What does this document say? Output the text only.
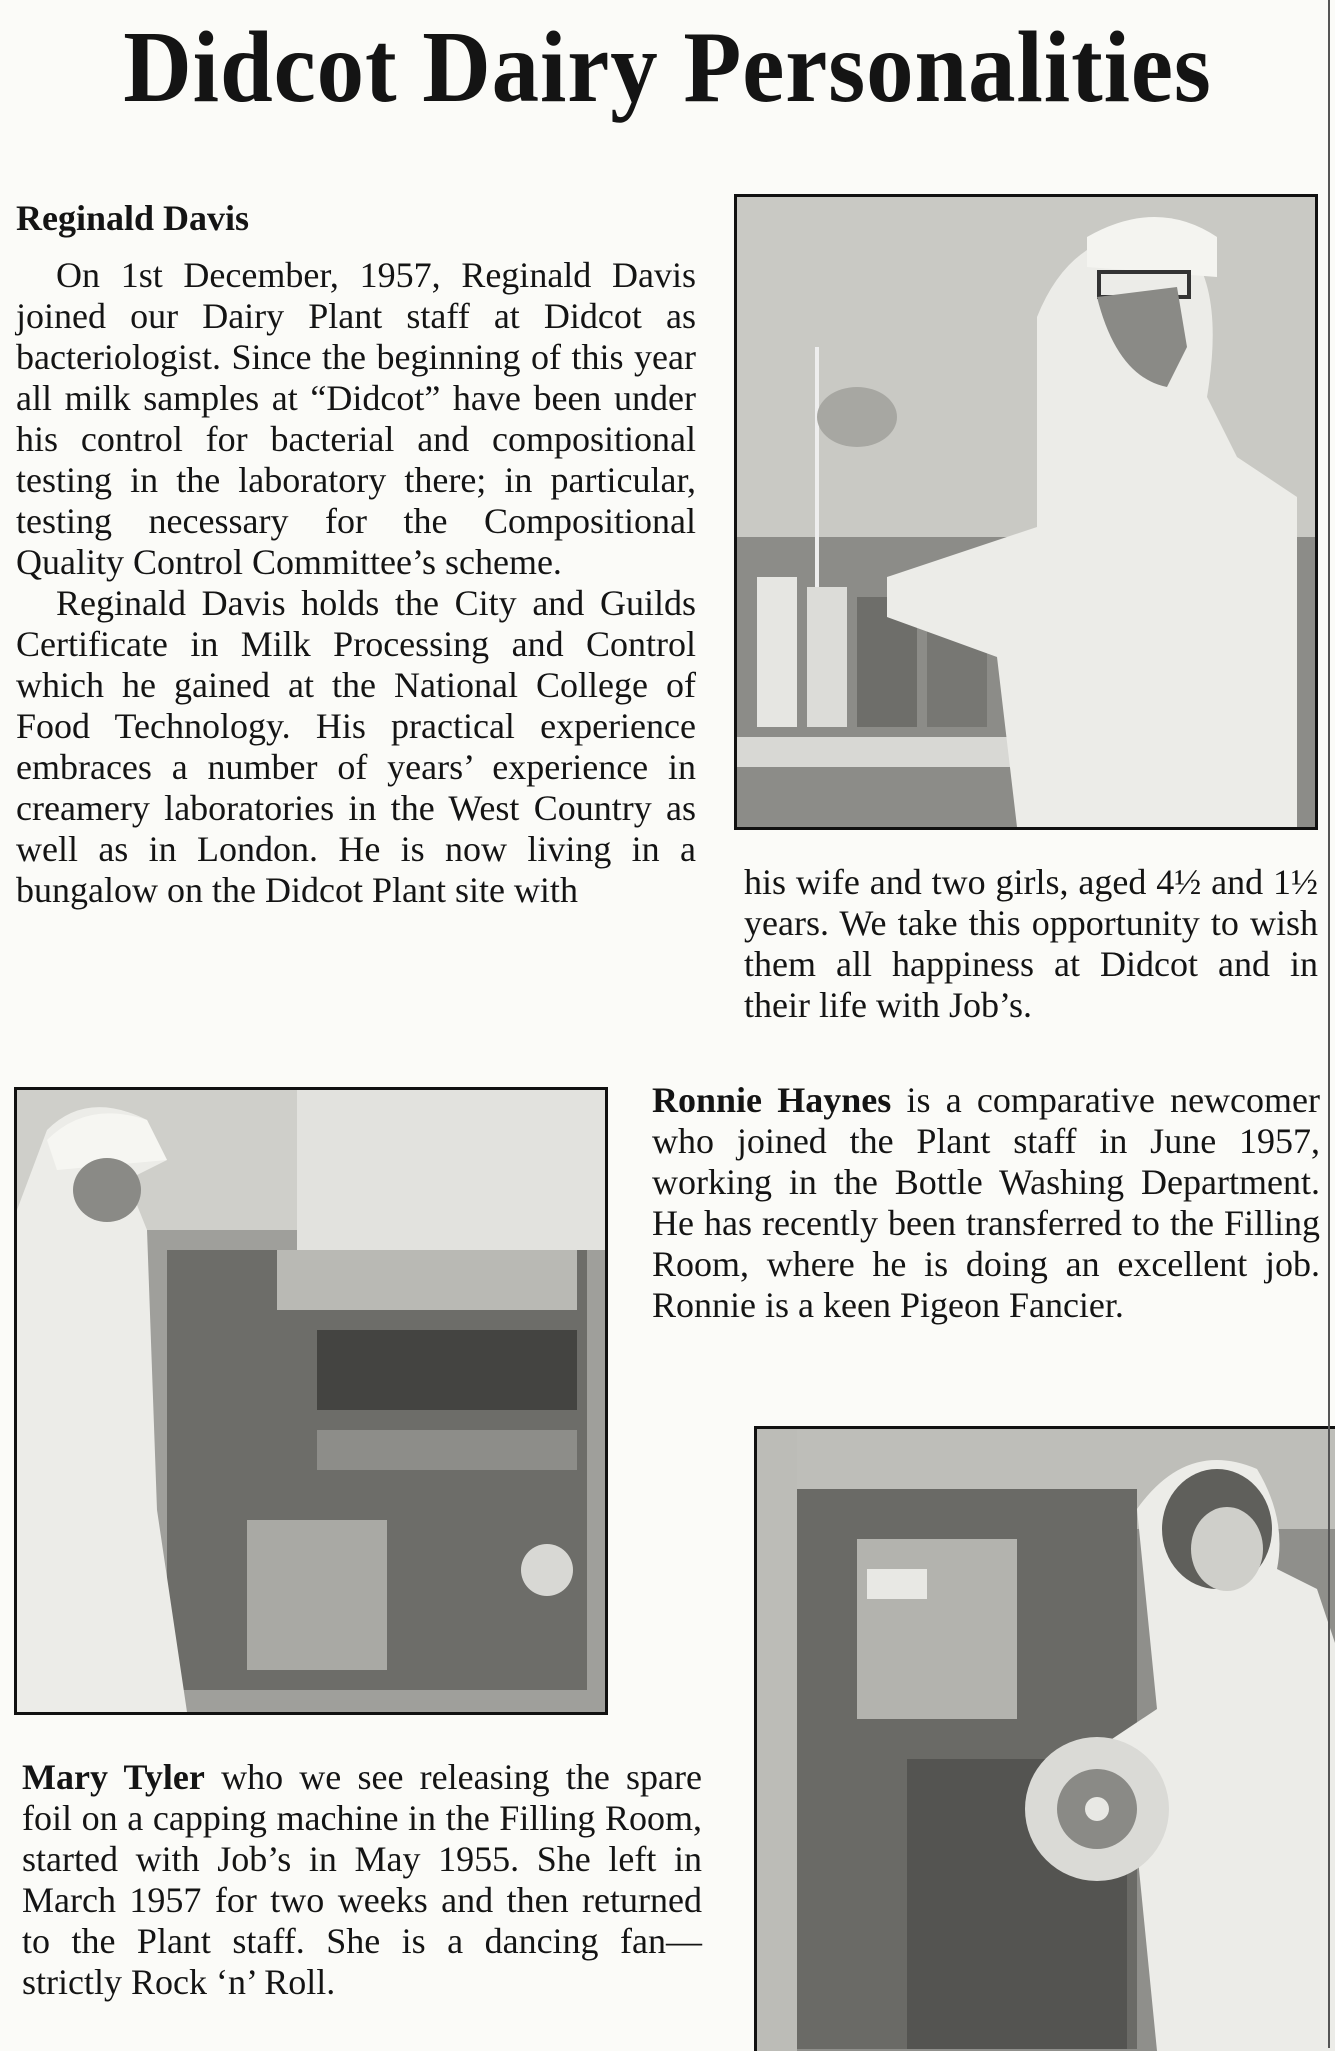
Didcot Dairy Personalities

Reginald Davis

On 1st December, 1957, Reginald Davis joined our Dairy Plant staff at Didcot as bacteriologist. Since the beginning of this year all milk samples at “Didcot” have been under his control for bacterial and compositional testing in the laboratory there; in particular, testing necessary for the Compositional Quality Control Committee’s scheme.

Reginald Davis holds the City and Guilds Certificate in Milk Processing and Control which he gained at the National College of Food Technology. His practical experience embraces a number of years’ experience in creamery laboratories in the West Country as well as in London. He is now living in a bungalow on the Didcot Plant site with	his wife and two girls, aged 4½ and 1½ years. We take this opportunity to wish them all happiness at Didcot and in their life with Job’s.

Ronnie Haynes is a comparative newcomer who joined the Plant staff in June 1957, working in the Bottle Washing Department. He has recently been transferred to the Filling Room, where he is doing an excellent job. Ronnie is a keen Pigeon Fancier.

Mary Tyler who we see releasing the spare foil on a capping machine in the Filling Room, started with Job’s in May 1955. She left in March 1957 for two weeks and then returned to the Plant staff. She is a dancing fan—strictly Rock ‘n’ Roll.
